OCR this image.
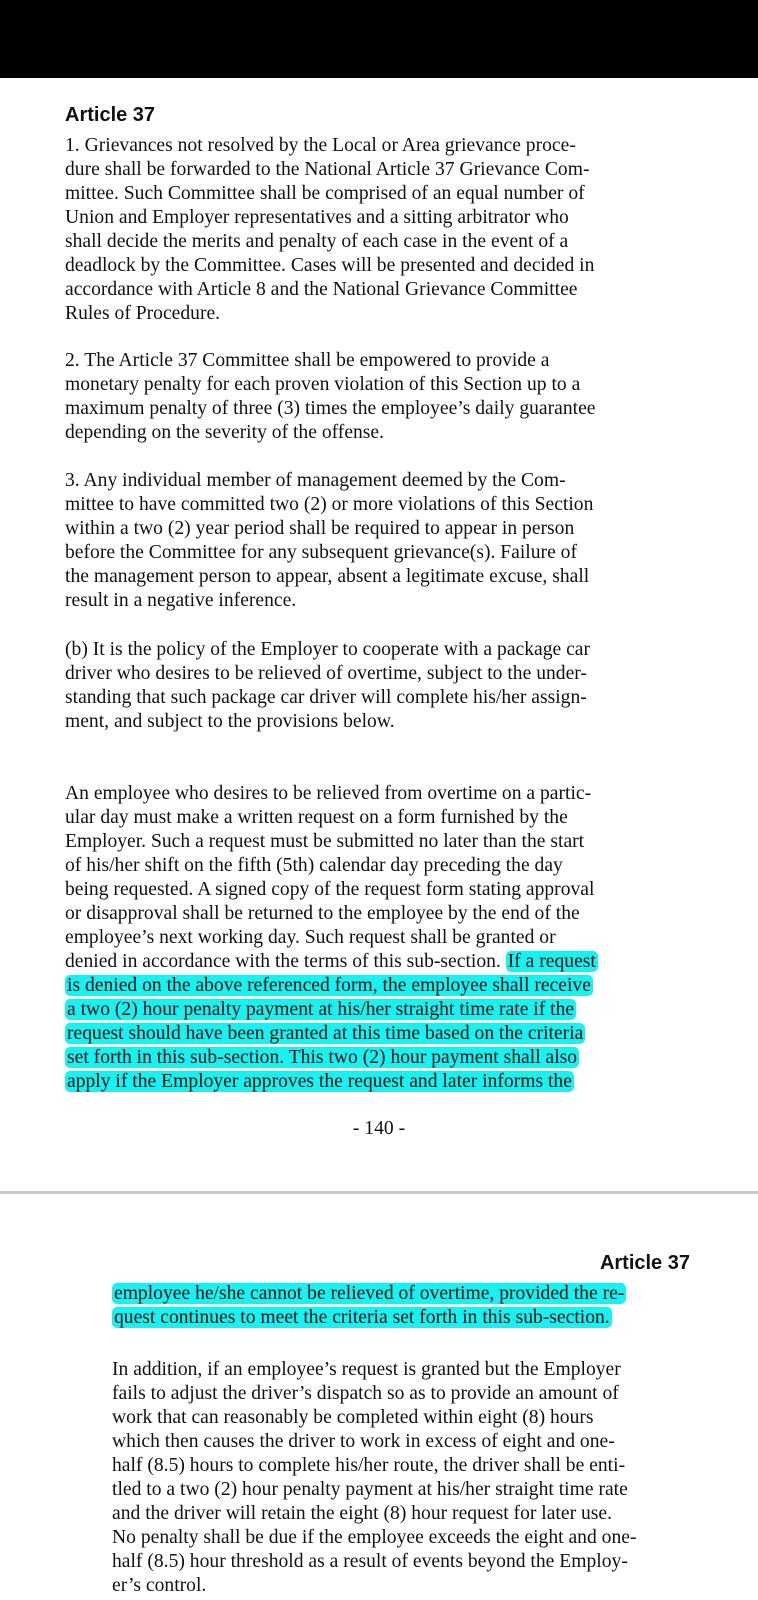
Article 37
1. Grievances not resolved by the Local or Area grievance proce-
dure shall be forwarded to the National Article 37 Grievance Com-
mittee. Such Committee shall be comprised of an equal number of
Union and Employer representatives and a sitting arbitrator who
shall decide the merits and penalty of each case in the event of a
deadlock by the Committee. Cases will be presented and decided in
accordance with Article 8 and the National Grievance Committee
Rules of Procedure.
2. The Article 37 Committee shall be empowered to provide a
monetary penalty for each proven violation of this Section up to a
maximum penalty of three (3) times the employee’s daily guarantee
depending on the severity of the offense.
3. Any individual member of management deemed by the Com-
mittee to have committed two (2) or more violations of this Section
within a two (2) year period shall be required to appear in person
before the Committee for any subsequent grievance(s). Failure of
the management person to appear, absent a legitimate excuse, shall
result in a negative inference.
(b) It is the policy of the Employer to cooperate with a package car
driver who desires to be relieved of overtime, subject to the under-
standing that such package car driver will complete his/her assign-
ment, and subject to the provisions below.
An employee who desires to be relieved from overtime on a partic-
ular day must make a written request on a form furnished by the
Employer. Such a request must be submitted no later than the start
of his/her shift on the fifth (5th) calendar day preceding the day
being requested. A signed copy of the request form stating approval
or disapproval shall be returned to the employee by the end of the
employee’s next working day. Such request shall be granted or
denied in accordance with the terms of this sub-section. If a request
is denied on the above referenced form, the employee shall receive
a two (2) hour penalty payment at his/her straight time rate if the
request should have been granted at this time based on the criteria
set forth in this sub-section. This two (2) hour payment shall also
apply if the Employer approves the request and later informs the
- 140 -
Article 37
employee he/she cannot be relieved of overtime, provided the re-
quest continues to meet the criteria set forth in this sub-section.
In addition, if an employee’s request is granted but the Employer
fails to adjust the driver’s dispatch so as to provide an amount of
work that can reasonably be completed within eight (8) hours
which then causes the driver to work in excess of eight and one-
half (8.5) hours to complete his/her route, the driver shall be enti-
tled to a two (2) hour penalty payment at his/her straight time rate
and the driver will retain the eight (8) hour request for later use.
No penalty shall be due if the employee exceeds the eight and one-
half (8.5) hour threshold as a result of events beyond the Employ-
er’s control.
